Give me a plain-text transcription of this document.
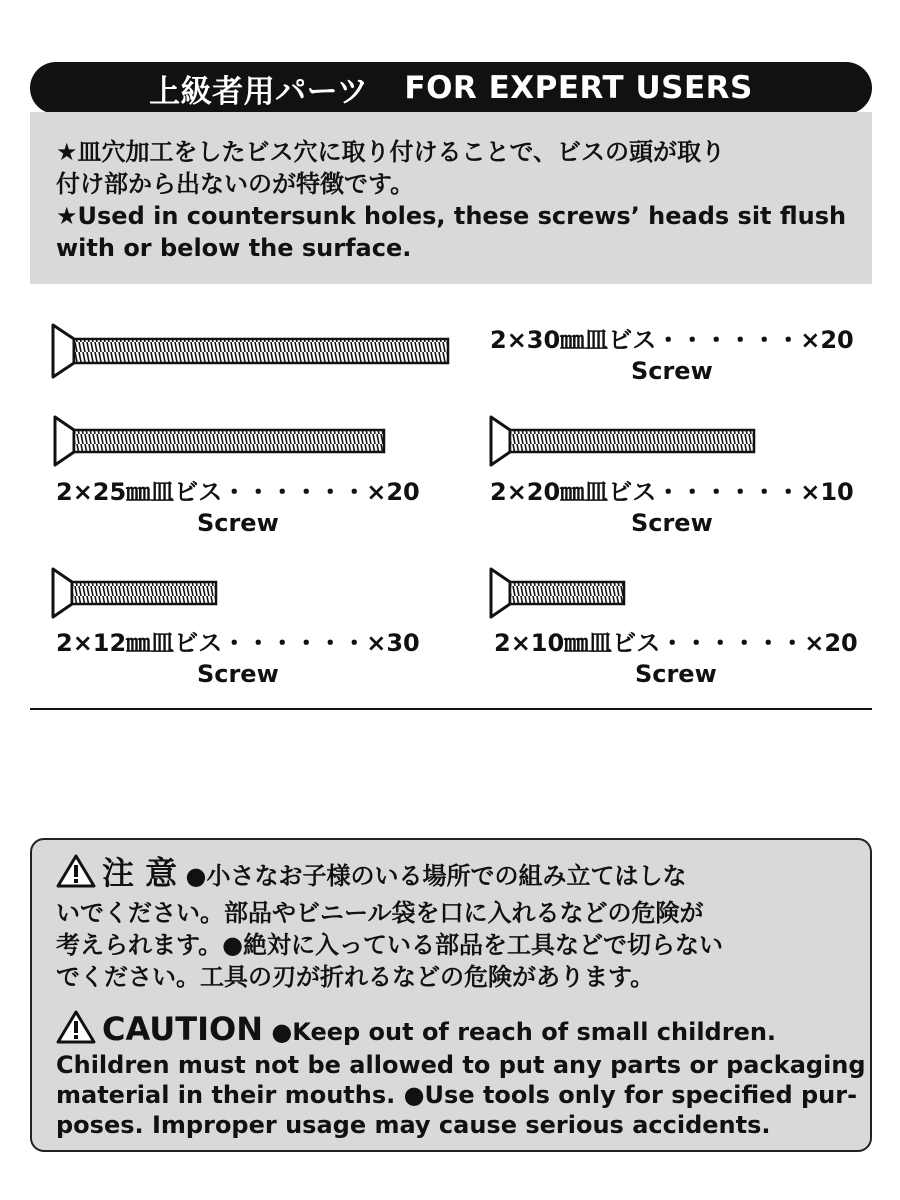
上級者用パーツ FOR EXPERT USERS
★皿穴加工をしたビス穴に取り付けることで、ビスの頭が取り
付け部から出ないのが特徴です。
★Used in countersunk holes, these screws’ heads sit flush
with or below the surface.
2×30㎜皿ビス・・・・・・×20
Screw
2×25㎜皿ビス・・・・・・×20
Screw
2×20㎜皿ビス・・・・・・×10
Screw
2×12㎜皿ビス・・・・・・×30
Screw
2×10㎜皿ビス・・・・・・×20
Screw
注 意 ●小さなお子様のいる場所での組み立てはしな
いでください。部品やビニール袋を口に入れるなどの危険が
考えられます。●絶対に入っている部品を工具などで切らない
でください。工具の刃が折れるなどの危険があります。
CAUTION ●Keep out of reach of small children.
Children must not be allowed to put any parts or packaging
material in their mouths. ●Use tools only for specified pur-
poses. Improper usage may cause serious accidents.
